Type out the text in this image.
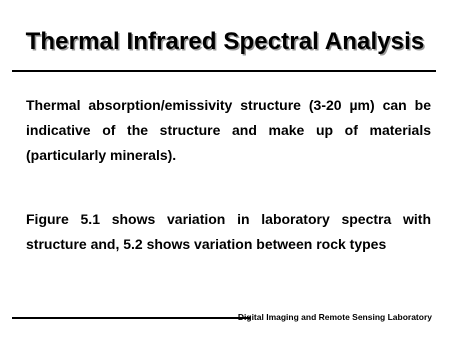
Thermal Infrared Spectral Analysis
Thermal absorption/emissivity structure (3-20 µm) can be indicative of the structure and make up of materials (particularly minerals).
Figure 5.1 shows variation in laboratory spectra with structure and, 5.2 shows variation between rock types
Digital Imaging and Remote Sensing Laboratory
